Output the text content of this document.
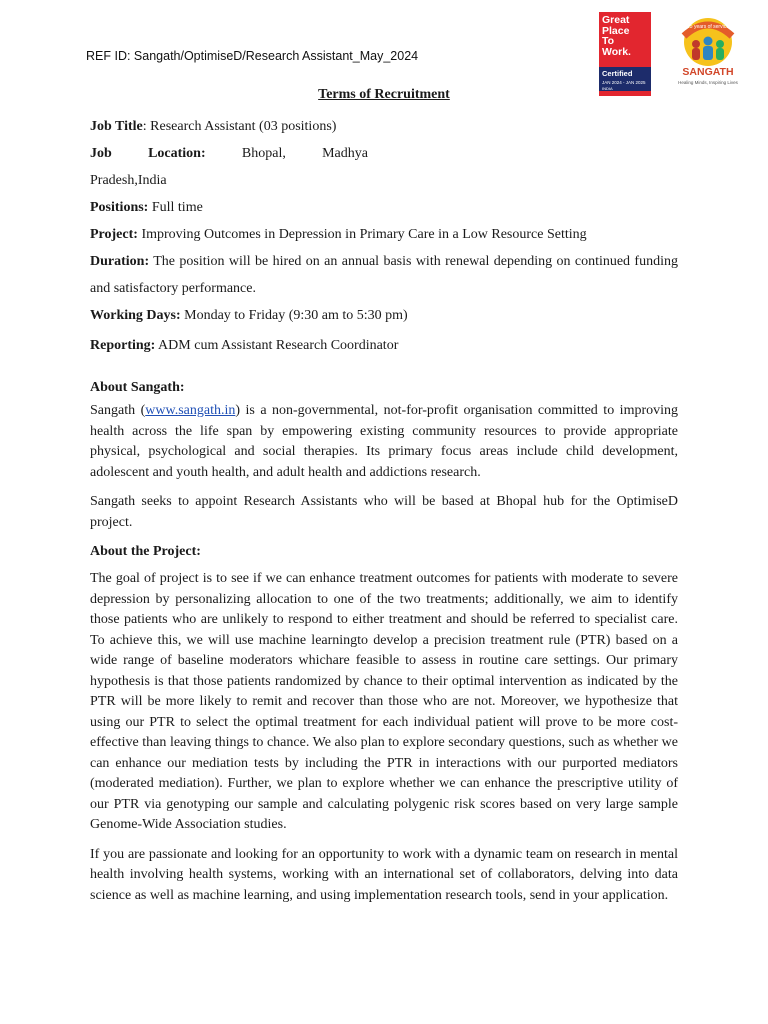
REF ID: Sangath/OptimiseD/Research Assistant_May_2024
Great
Place
To
Work.
Certified
JAN 2024 - JAN 2025
INDIA
25 years of service
SANGATH
Healing Minds, Inspiring Lives
Terms of Recruitment
Job Title: Research Assistant (03 positions)
Job	Location:	Bhopal,	Madhya
Pradesh,India
Positions: Full time
Project: Improving Outcomes in Depression in Primary Care in a Low Resource Setting
Duration: The position will be hired on an annual basis with renewal depending on continued funding and satisfactory performance.
Working Days: Monday to Friday (9:30 am to 5:30 pm)
Reporting: ADM cum Assistant Research Coordinator
About Sangath:

Sangath (www.sangath.in) is a non-governmental, not-for-profit organisation committed to improving health across the life span by empowering existing community resources to provide appropriate physical, psychological and social therapies. Its primary focus areas include child development, adolescent and youth health, and adult health and addictions research.

Sangath seeks to appoint Research Assistants who will be based at Bhopal hub for the OptimiseD project.

About the Project:

The goal of project is to see if we can enhance treatment outcomes for patients with moderate to severe depression by personalizing allocation to one of the two treatments; additionally, we aim to identify those patients who are unlikely to respond to either treatment and should be referred to specialist care. To achieve this, we will use machine learningto develop a precision treatment rule (PTR) based on a wide range of baseline moderators whichare feasible to assess in routine care settings. Our primary hypothesis is that those patients randomized by chance to their optimal intervention as indicated by the PTR will be more likely to remit and recover than those who are not. Moreover, we hypothesize that using our PTR to select the optimal treatment for each individual patient will prove to be more cost-effective than leaving things to chance. We also plan to explore secondary questions, such as whether we can enhance our mediation tests by including the PTR in interactions with our purported mediators (moderated mediation). Further, we plan to explore whether we can enhance the prescriptive utility of our PTR via genotyping our sample and calculating polygenic risk scores based on very large sample Genome-Wide Association studies.

If you are passionate and looking for an opportunity to work with a dynamic team on research in mental health involving health systems, working with an international set of collaborators, delving into data science as well as machine learning, and using implementation research tools, send in your application.
